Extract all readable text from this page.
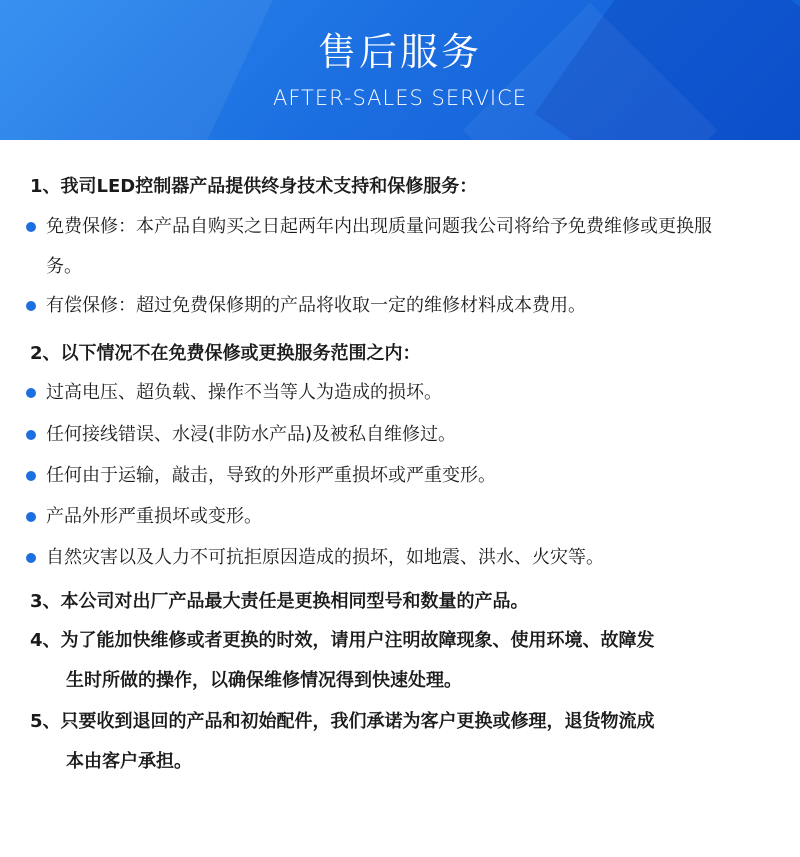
售后服务
AFTER-SALES SERVICE
1、我司LED控制器产品提供终身技术支持和保修服务：
免费保修：本产品自购买之日起两年内出现质量问题我公司将给予免费维修或更换服
务。
有偿保修：超过免费保修期的产品将收取一定的维修材料成本费用。
2、以下情况不在免费保修或更换服务范围之内：
过高电压、超负载、操作不当等人为造成的损坏。
任何接线错误、水浸(非防水产品)及被私自维修过。
任何由于运输，敲击，导致的外形严重损坏或严重变形。
产品外形严重损坏或变形。
自然灾害以及人力不可抗拒原因造成的损坏，如地震、洪水、火灾等。
3、本公司对出厂产品最大责任是更换相同型号和数量的产品。
4、为了能加快维修或者更换的时效，请用户注明故障现象、使用环境、故障发
生时所做的操作，以确保维修情况得到快速处理。
5、只要收到退回的产品和初始配件，我们承诺为客户更换或修理，退货物流成
本由客户承担。
